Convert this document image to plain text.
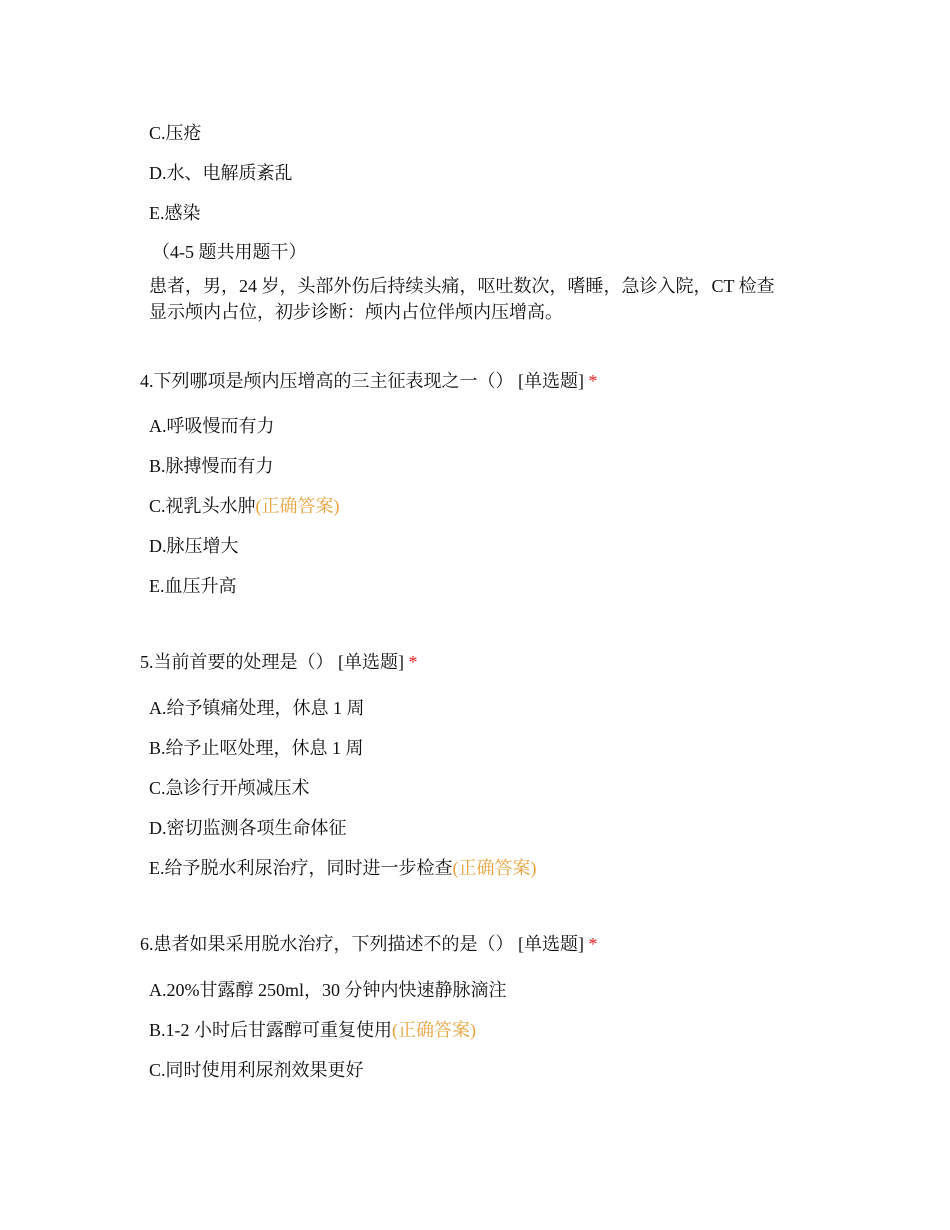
C.压疮
D.水、电解质紊乱
E.感染
（4-5 题共用题干）
患者，男，24 岁，头部外伤后持续头痛，呕吐数次，嗜睡，急诊入院，CT 检查
显示颅内占位，初步诊断：颅内占位伴颅内压增高。
4.下列哪项是颅内压增高的三主征表现之一（） [单选题] *
A.呼吸慢而有力
B.脉搏慢而有力
C.视乳头水肿(正确答案)
D.脉压增大
E.血压升高
5.当前首要的处理是（） [单选题] *
A.给予镇痛处理，休息 1 周
B.给予止呕处理，休息 1 周
C.急诊行开颅减压术
D.密切监测各项生命体征
E.给予脱水利尿治疗，同时进一步检查(正确答案)
6.患者如果采用脱水治疗，下列描述不的是（） [单选题] *
A.20%甘露醇 250ml，30 分钟内快速静脉滴注
B.1-2 小时后甘露醇可重复使用(正确答案)
C.同时使用利尿剂效果更好
